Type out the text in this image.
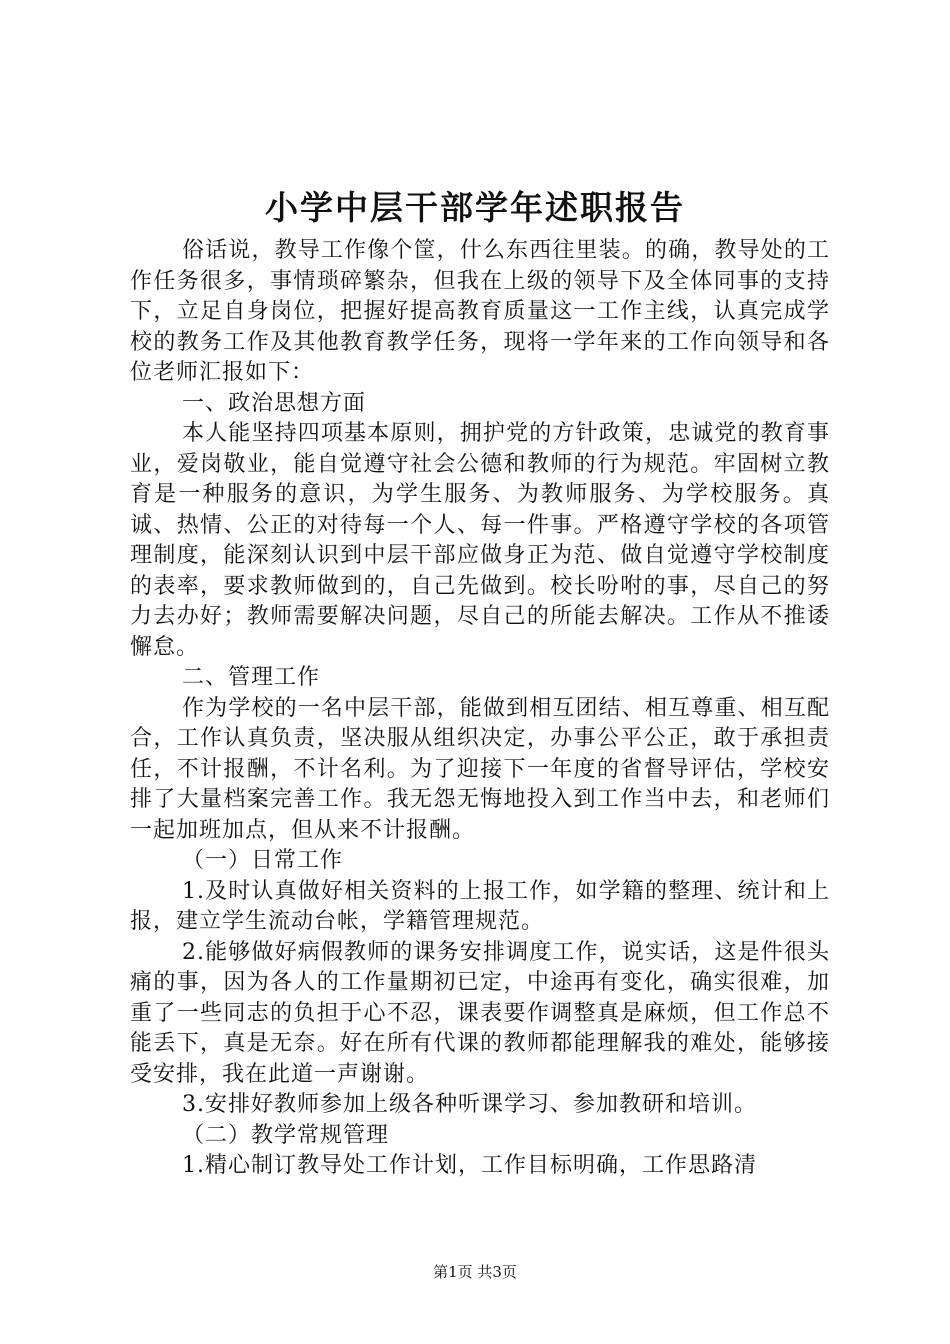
小学中层干部学年述职报告

俗话说，教导工作像个筐，什么东西往里装。的确，教导处的工作任务很多，事情琐碎繁杂，但我在上级的领导下及全体同事的支持下，立足自身岗位，把握好提高教育质量这一工作主线，认真完成学校的教务工作及其他教育教学任务，现将一学年来的工作向领导和各位老师汇报如下：

一、政治思想方面

本人能坚持四项基本原则，拥护党的方针政策，忠诚党的教育事业，爱岗敬业，能自觉遵守社会公德和教师的行为规范。牢固树立教育是一种服务的意识，为学生服务、为教师服务、为学校服务。真诚、热情、公正的对待每一个人、每一件事。严格遵守学校的各项管理制度，能深刻认识到中层干部应做身正为范、做自觉遵守学校制度的表率，要求教师做到的，自己先做到。校长吩咐的事，尽自己的努力去办好；教师需要解决问题，尽自己的所能去解决。工作从不推诿懈怠。

二、管理工作

作为学校的一名中层干部，能做到相互团结、相互尊重、相互配合，工作认真负责，坚决服从组织决定，办事公平公正，敢于承担责任，不计报酬，不计名利。为了迎接下一年度的省督导评估，学校安排了大量档案完善工作。我无怨无悔地投入到工作当中去，和老师们一起加班加点，但从来不计报酬。

（一）日常工作

1.及时认真做好相关资料的上报工作，如学籍的整理、统计和上报，建立学生流动台帐，学籍管理规范。

2.能够做好病假教师的课务安排调度工作，说实话，这是件很头痛的事，因为各人的工作量期初已定，中途再有变化，确实很难，加重了一些同志的负担于心不忍，课表要作调整真是麻烦，但工作总不能丢下，真是无奈。好在所有代课的教师都能理解我的难处，能够接受安排，我在此道一声谢谢。

3.安排好教师参加上级各种听课学习、参加教研和培训。

（二）教学常规管理

1.精心制订教导处工作计划，工作目标明确，工作思路清

第1页 共3页
